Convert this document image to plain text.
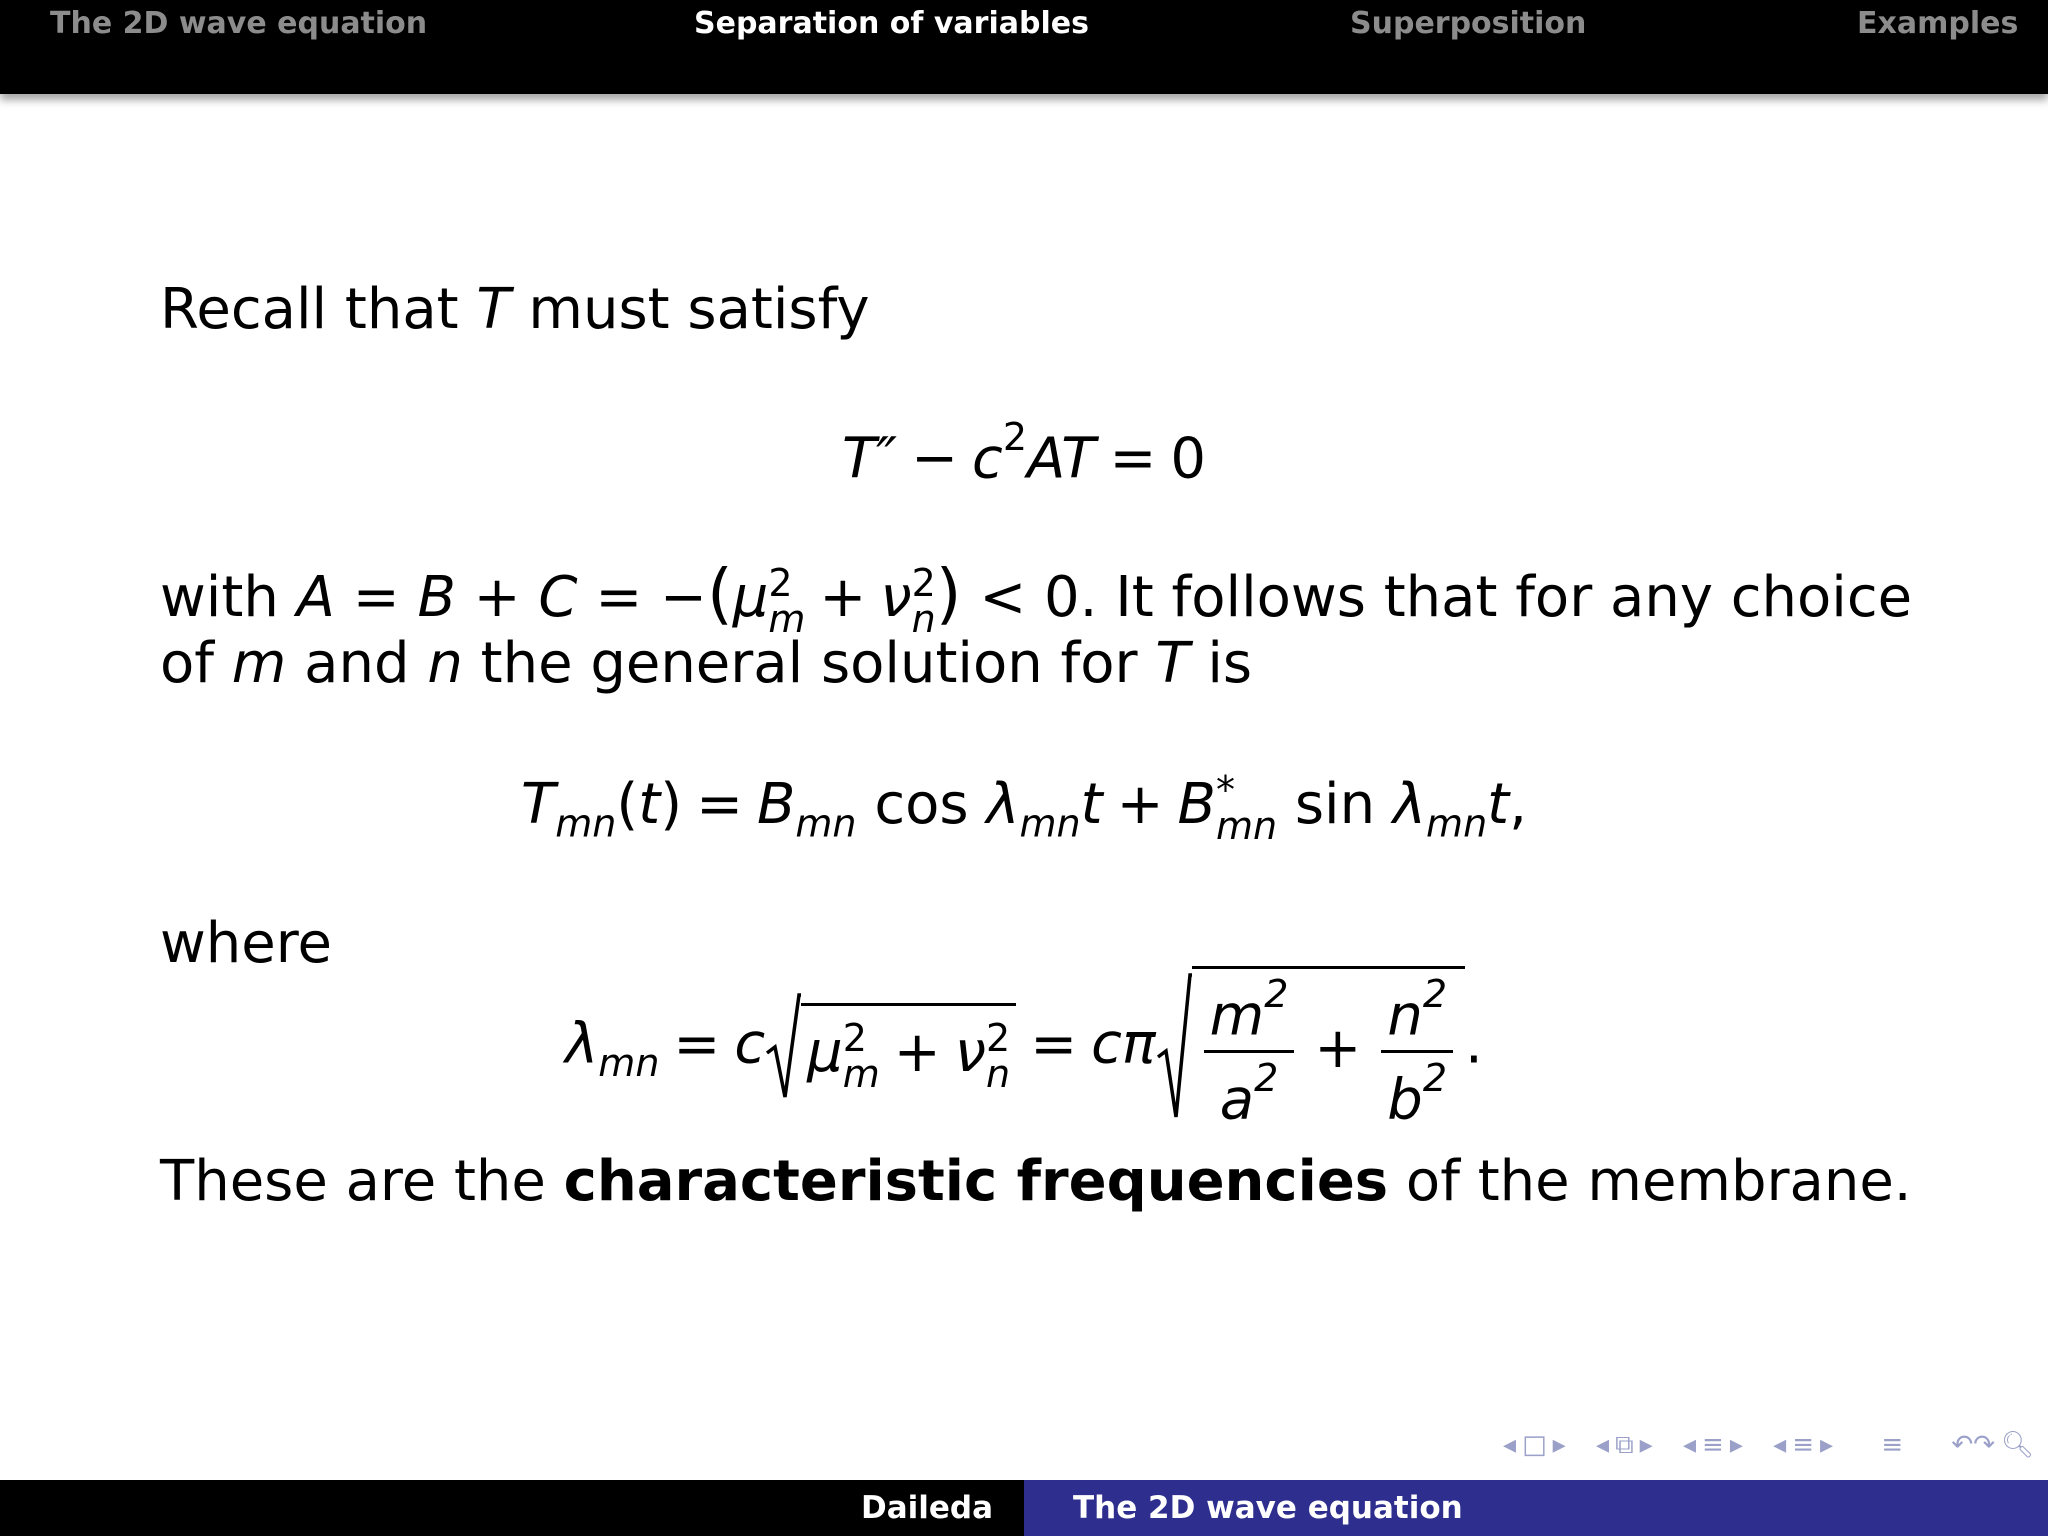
The 2D wave equation	Separation of variables	Superposition	Examples
Recall that T must satisfy
$T'' - c^2AT = 0$
with A = B + C = −(μ 2
m + ν 2
n ) < 0. It follows that for any choice
of m and n the general solution for T is
$T_{mn}(t) = B_{mn}$ $\cos \lambda_{mn}t + B$ *
mn $\sin \lambda_{mn}t$,
where
$\lambda_{mn} = c$ μ 2
m + ν 2
n = cπ $\frac{m^2}{a^2} + \frac{n^2}{b^2}$ .
These are the characteristic frequencies of the membrane.
◂ □ ▸ ◂ ⧉ ▸ ◂ ≡ ▸ ◂ ≡ ▸ ≡ ↶↷ 🔍︎
Daileda	The 2D wave equation
